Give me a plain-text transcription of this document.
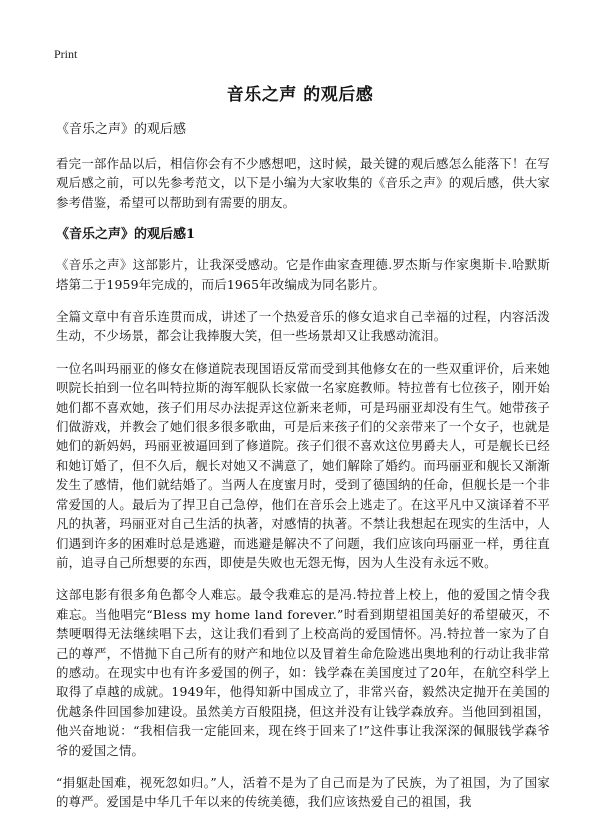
Print
音乐之声 的观后感
《音乐之声》的观后感
看完一部作品以后，相信你会有不少感想吧，这时候，最关键的观后感怎么能落下！在写观后感之前，可以先参考范文，以下是小编为大家收集的《音乐之声》的观后感，供大家参考借鉴，希望可以帮助到有需要的朋友。
《音乐之声》的观后感1
《音乐之声》这部影片，让我深受感动。它是作曲家查理德.罗杰斯与作家奥斯卡.哈默斯塔第二于1959年完成的，而后1965年改编成为同名影片。
全篇文章中有音乐连贯而成，讲述了一个热爱音乐的修女追求自己幸福的过程，内容活泼生动，不少场景，都会让我捧腹大笑，但一些场景却又让我感动流泪。
一位名叫玛丽亚的修女在修道院表现国语反常而受到其他修女在的一些双重评价，后来她呗院长拍到一位名叫特拉斯的海军舰队长家做一名家庭教师。特拉普有七位孩子，刚开始她们都不喜欢她，孩子们用尽办法捉弄这位新来老师，可是玛丽亚却没有生气。她带孩子们做游戏，并教会了她们很多很多歌曲，可是后来孩子们的父亲带来了一个女子，也就是她们的新妈妈，玛丽亚被逼回到了修道院。孩子们很不喜欢这位男爵夫人，可是舰长已经和她订婚了，但不久后，舰长对她又不满意了，她们解除了婚约。而玛丽亚和舰长又渐渐发生了感情，他们就结婚了。当两人在度蜜月时，受到了德国纳的任命，但舰长是一个非常爱国的人。最后为了捍卫自己急停，他们在音乐会上逃走了。在这平凡中又演译着不平凡的执著，玛丽亚对自己生活的执著，对感情的执著。不禁让我想起在现实的生活中，人们遇到许多的困难时总是逃避，而逃避是解决不了问题，我们应该向玛丽亚一样，勇往直前，追寻自己所想要的东西，即使是失败也无怨无悔，因为人生没有永远不败。
这部电影有很多角色都令人难忘。最令我难忘的是冯.特拉普上校上，他的爱国之情令我难忘。当他唱完“Bless my home land forever.”时看到期望祖国美好的希望破灭，不禁哽咽得无法继续唱下去，这让我们看到了上校高尚的爱国情怀。冯.特拉普一家为了自己的尊严，不惜抛下自己所有的财产和地位以及冒着生命危险逃出奥地利的行动让我非常的感动。在现实中也有许多爱国的例子，如：钱学森在美国度过了20年，在航空科学上取得了卓越的成就。1949年，他得知新中国成立了，非常兴奋，毅然决定抛开在美国的优越条件回国参加建设。虽然美方百般阻挠，但这并没有让钱学森放弃。当他回到祖国，他兴奋地说：“我相信我一定能回来，现在终于回来了!”这件事让我深深的佩服钱学森爷爷的爱国之情。
“捐躯赴国难，视死忽如归。”人，活着不是为了自己而是为了民族，为了祖国，为了国家的尊严。爱国是中华几千年以来的传统美德，我们应该热爱自己的祖国，我
